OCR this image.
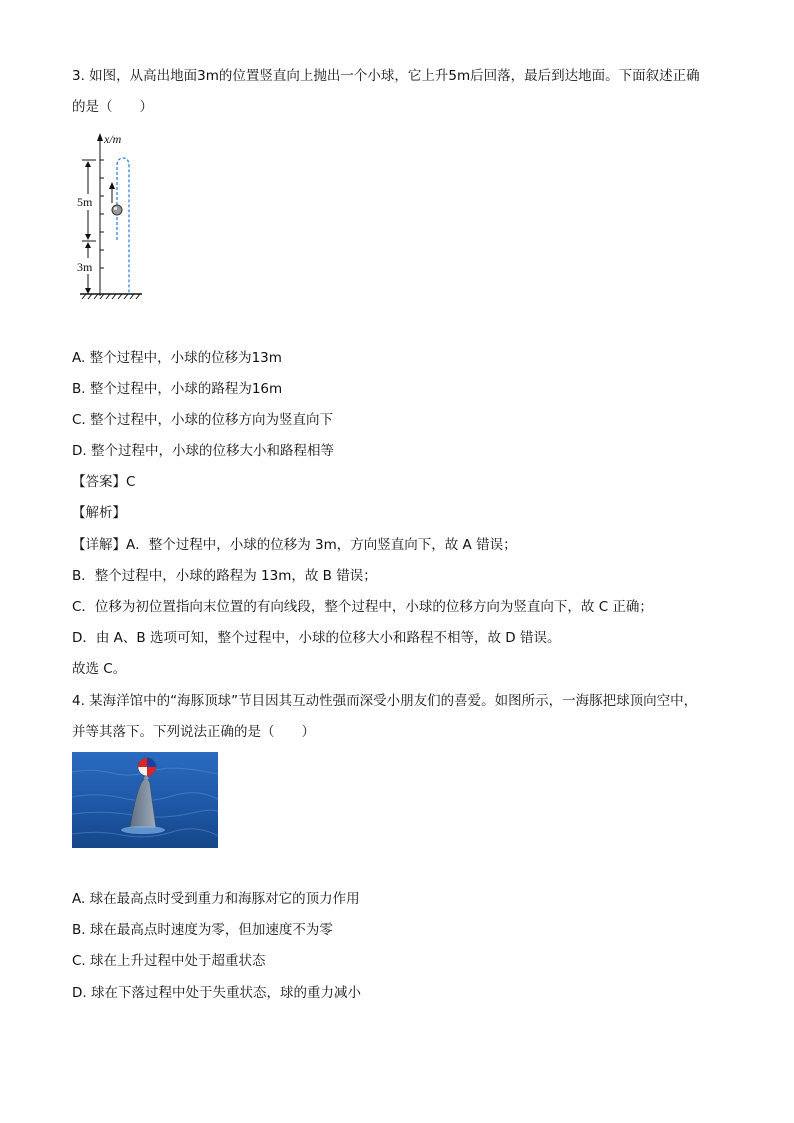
3. 如图，从高出地面3m的位置竖直向上抛出一个小球，它上升5m后回落，最后到达地面。下面叙述正确
的是（　　）
x/m
5m
3m
A. 整个过程中，小球的位移为13m
B. 整个过程中，小球的路程为16m
C. 整个过程中，小球的位移方向为竖直向下
D. 整个过程中，小球的位移大小和路程相等
【答案】C
【解析】
【详解】A．整个过程中，小球的位移为 3m，方向竖直向下，故 A 错误；
B．整个过程中，小球的路程为 13m，故 B 错误；
C．位移为初位置指向末位置的有向线段，整个过程中，小球的位移方向为竖直向下，故 C 正确；
D．由 A、B 选项可知，整个过程中，小球的位移大小和路程不相等，故 D 错误。
故选 C。
4. 某海洋馆中的“海豚顶球”节目因其互动性强而深受小朋友们的喜爱。如图所示，一海豚把球顶向空中，
并等其落下。下列说法正确的是（　　）
A. 球在最高点时受到重力和海豚对它的顶力作用
B. 球在最高点时速度为零，但加速度不为零
C. 球在上升过程中处于超重状态
D. 球在下落过程中处于失重状态，球的重力减小
